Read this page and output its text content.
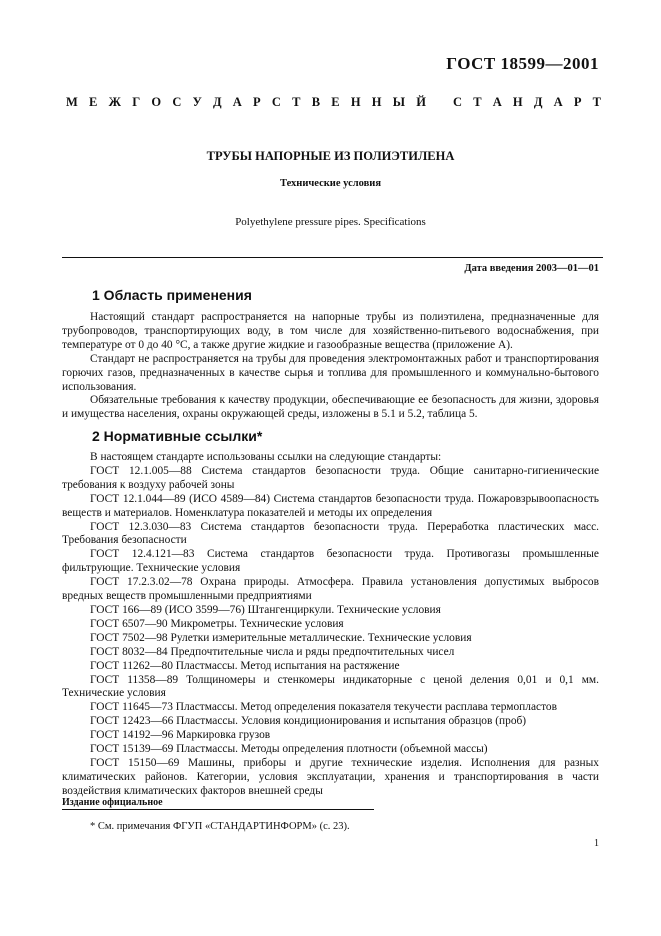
ГОСТ 18599—2001
М Е Ж Г О С У Д А Р С Т В Е Н Н Ы Й С Т А Н Д А Р Т
ТРУБЫ НАПОРНЫЕ ИЗ ПОЛИЭТИЛЕНА
Технические условия
Polyethylene pressure pipes. Specifications
Дата введения 2003—01—01
1 Область применения

Настоящий стандарт распространяется на напорные трубы из полиэтилена, предназначенные для трубопроводов, транспортирующих воду, в том числе для хозяйственно-питьевого водоснабжения, при температуре от 0 до 40 °С, а также другие жидкие и газообразные вещества (приложение А).

Стандарт не распространяется на трубы для проведения электромонтажных работ и транспортирования горючих газов, предназначенных в качестве сырья и топлива для промышленного и коммунально-бытового использования.

Обязательные требования к качеству продукции, обеспечивающие ее безопасность для жизни, здоровья и имущества населения, охраны окружающей среды, изложены в 5.1 и 5.2, таблица 5.

2 Нормативные ссылки*

В настоящем стандарте использованы ссылки на следующие стандарты:

ГОСТ 12.1.005—88 Система стандартов безопасности труда. Общие санитарно-гигиенические требования к воздуху рабочей зоны

ГОСТ 12.1.044—89 (ИСО 4589—84) Система стандартов безопасности труда. Пожаровзрывоопасность веществ и материалов. Номенклатура показателей и методы их определения

ГОСТ 12.3.030—83 Система стандартов безопасности труда. Переработка пластических масс. Требования безопасности

ГОСТ 12.4.121—83 Система стандартов безопасности труда. Противогазы промышленные фильтрующие. Технические условия

ГОСТ 17.2.3.02—78 Охрана природы. Атмосфера. Правила установления допустимых выбросов вредных веществ промышленными предприятиями

ГОСТ 166—89 (ИСО 3599—76) Штангенциркули. Технические условия

ГОСТ 6507—90 Микрометры. Технические условия

ГОСТ 7502—98 Рулетки измерительные металлические. Технические условия

ГОСТ 8032—84 Предпочтительные числа и ряды предпочтительных чисел

ГОСТ 11262—80 Пластмассы. Метод испытания на растяжение

ГОСТ 11358—89 Толщиномеры и стенкомеры индикаторные с ценой деления 0,01 и 0,1 мм. Технические условия

ГОСТ 11645—73 Пластмассы. Метод определения показателя текучести расплава термопластов

ГОСТ 12423—66 Пластмассы. Условия кондиционирования и испытания образцов (проб)

ГОСТ 14192—96 Маркировка грузов

ГОСТ 15139—69 Пластмассы. Методы определения плотности (объемной массы)

ГОСТ 15150—69 Машины, приборы и другие технические изделия. Исполнения для разных климатических районов. Категории, условия эксплуатации, хранения и транспортирования в части воздействия климатических факторов внешней среды

Издание официальное
* См. примечания ФГУП «СТАНДАРТИНФОРМ» (с. 23).
1
